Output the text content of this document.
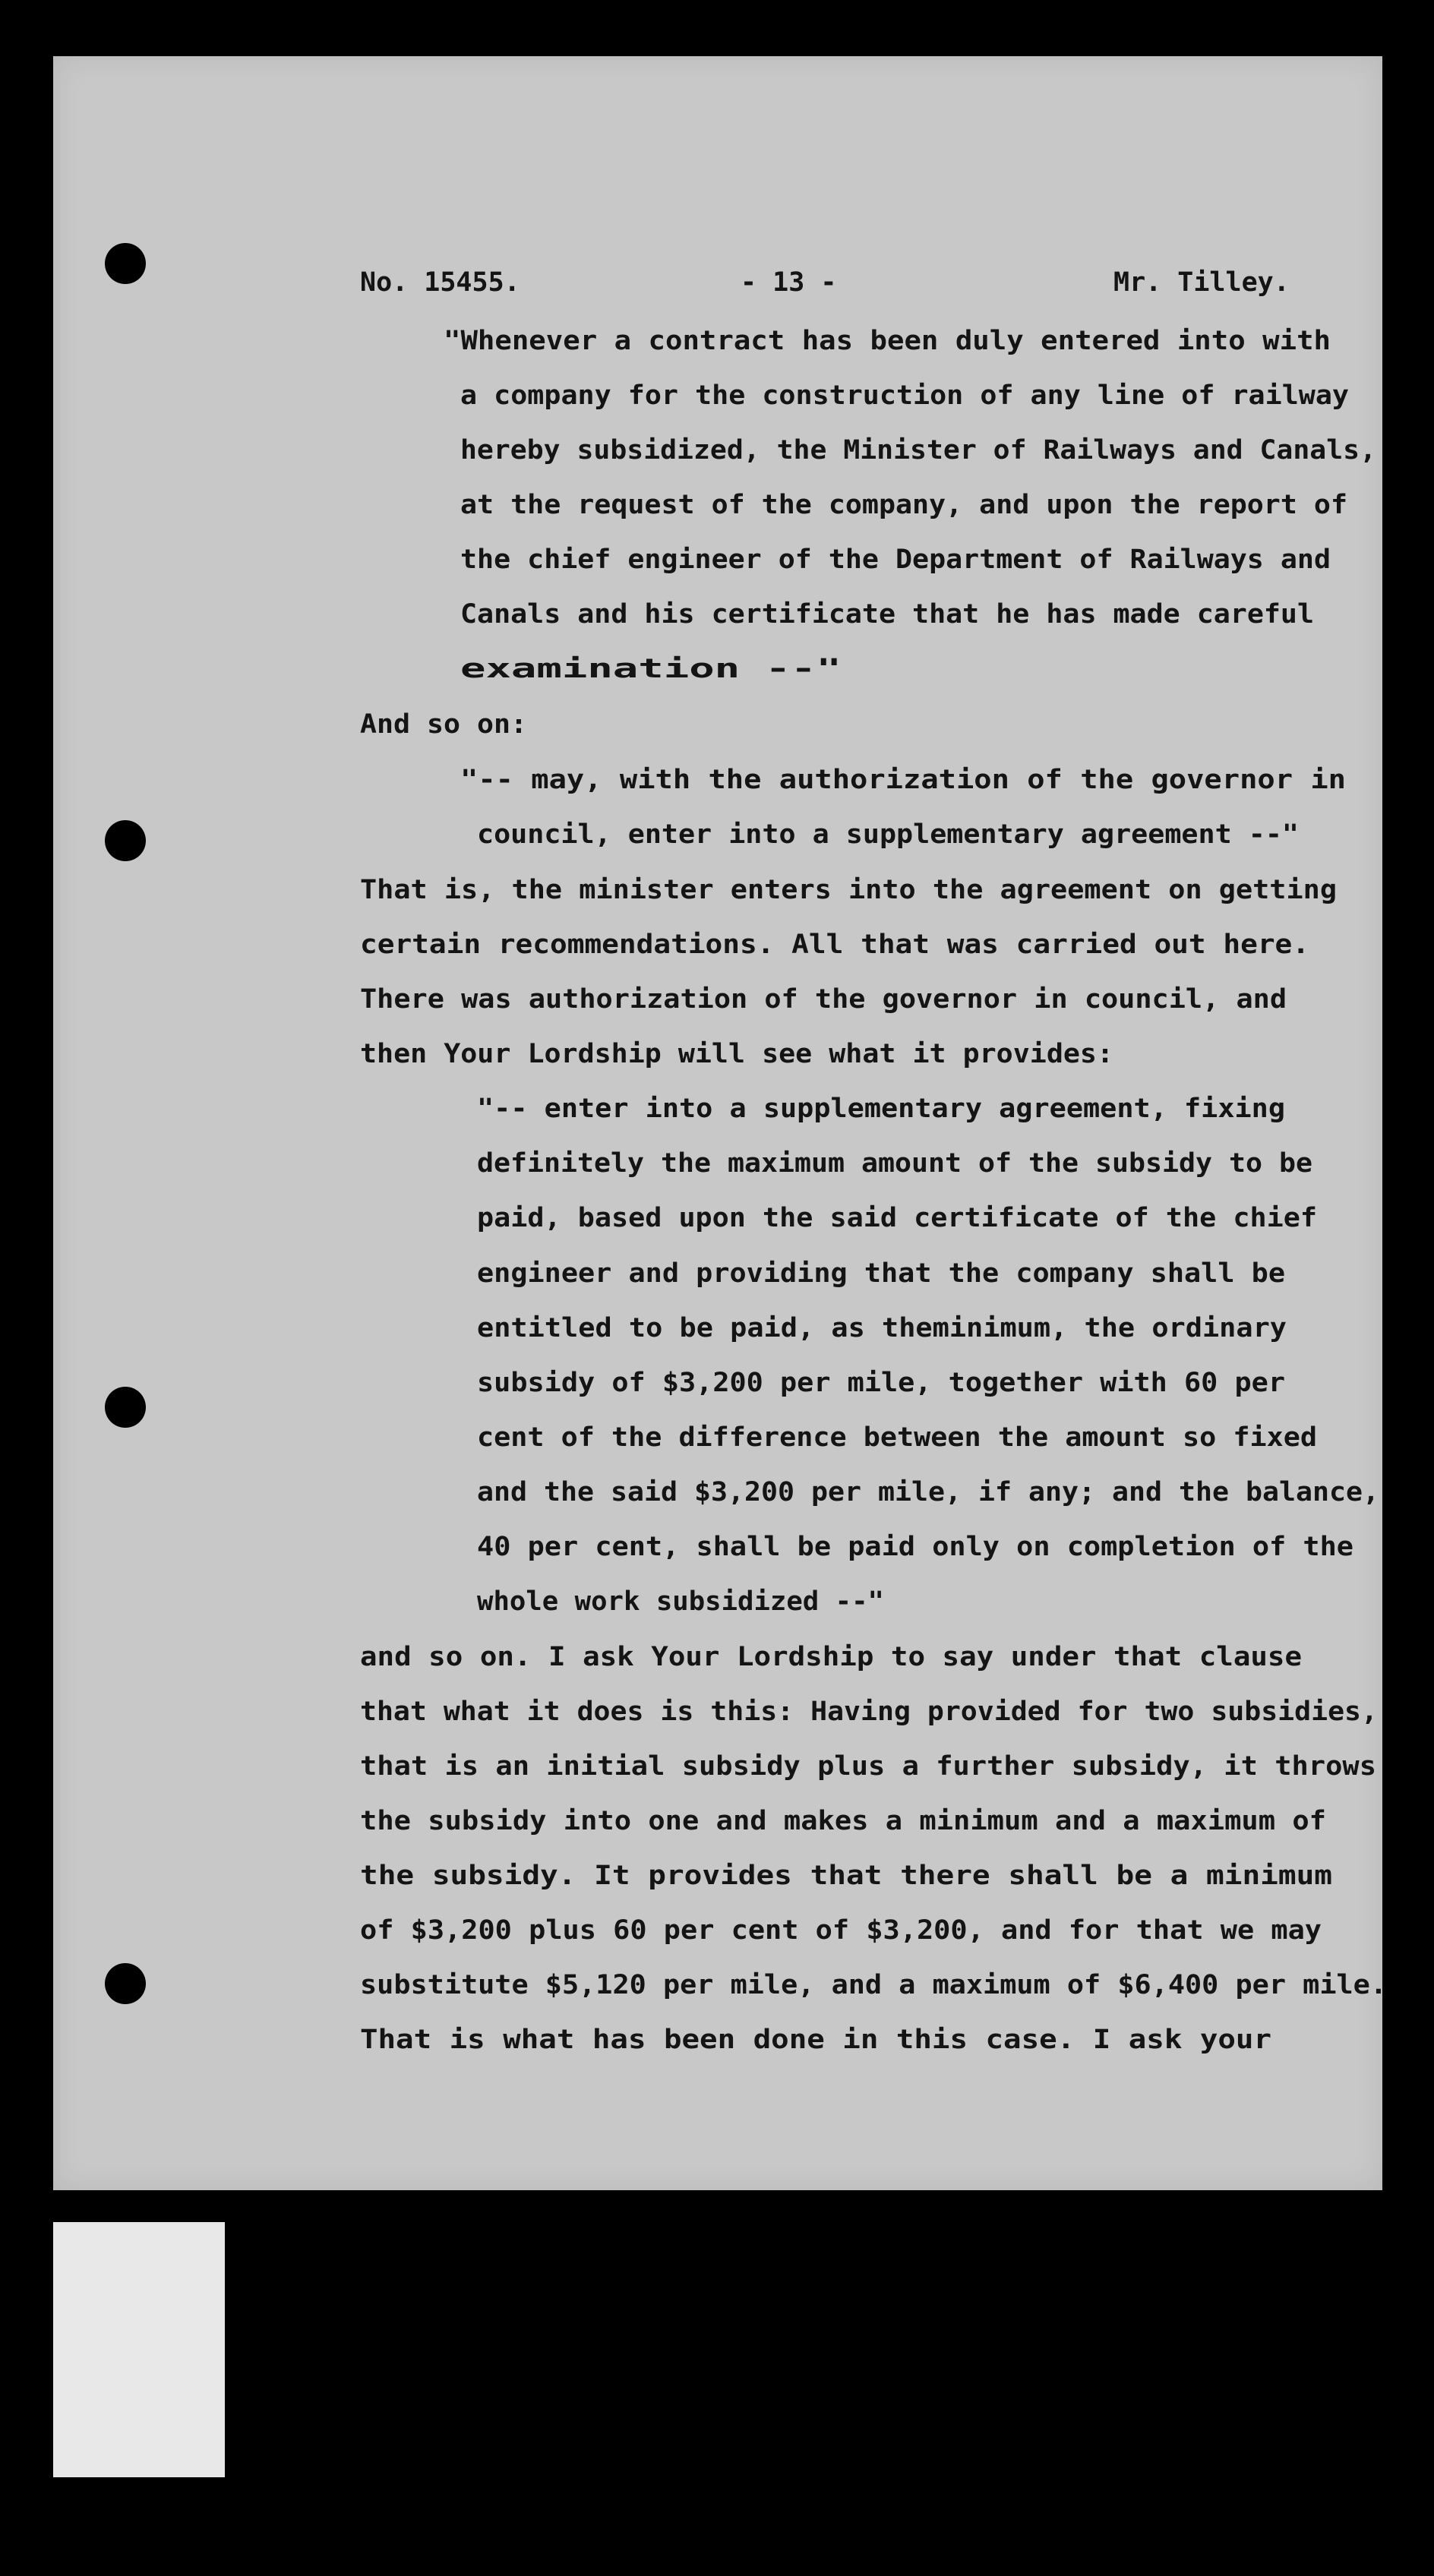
No. 15455.	- 13 -	Mr. Tilley.
"Whenever a contract has been duly entered into with
a company for the construction of any line of railway
hereby subsidized, the Minister of Railways and Canals,
at the request of the company, and upon the report of
the chief engineer of the Department of Railways and
Canals and his certificate that he has made careful
examination --"
And so on:
"-- may, with the authorization of the governor in
council, enter into a supplementary agreement --"
That is, the minister enters into the agreement on getting
certain recommendations. All that was carried out here.
There was authorization of the governor in council, and
then Your Lordship will see what it provides:
"-- enter into a supplementary agreement, fixing
definitely the maximum amount of the subsidy to be
paid, based upon the said certificate of the chief
engineer and providing that the company shall be
entitled to be paid, as theminimum, the ordinary
subsidy of $3,200 per mile, together with 60 per
cent of the difference between the amount so fixed
and the said $3,200 per mile, if any; and the balance,
40 per cent, shall be paid only on completion of the
whole work subsidized --"
and so on. I ask Your Lordship to say under that clause
that what it does is this: Having provided for two subsidies,
that is an initial subsidy plus a further subsidy, it throws
the subsidy into one and makes a minimum and a maximum of
the subsidy. It provides that there shall be a minimum
of $3,200 plus 60 per cent of $3,200, and for that we may
substitute $5,120 per mile, and a maximum of $6,400 per mile.
That is what has been done in this case. I ask your
